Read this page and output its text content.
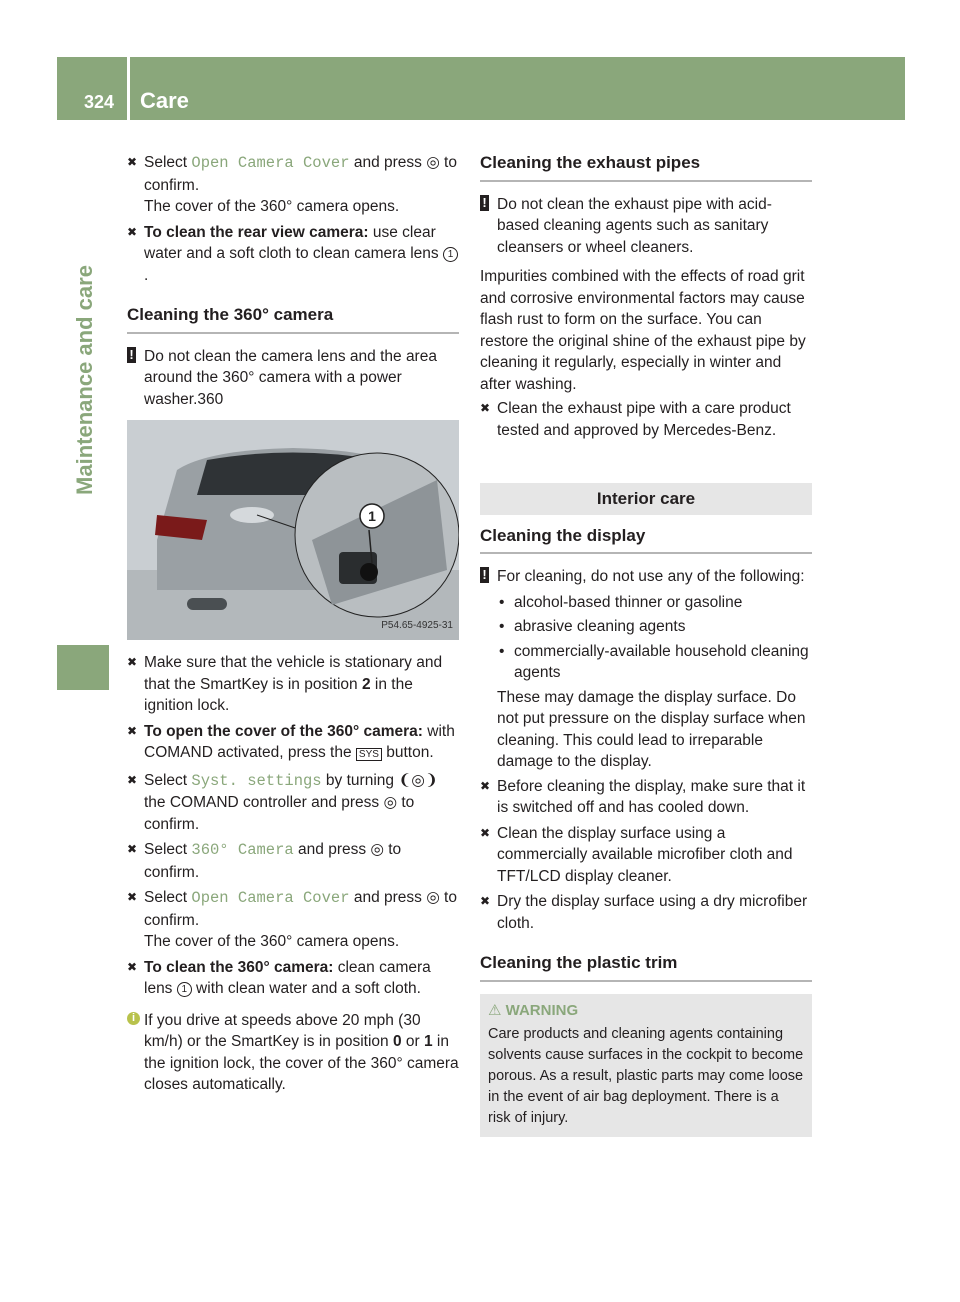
324 Care
Maintenance and care
✖ Select Open Camera Cover and press ◎ to confirm.
The cover of the 360° camera opens.
✖ To clean the rear view camera: use clear water and a soft cloth to clean camera lens 1.
Cleaning the 360° camera
! Do not clean the camera lens and the area around the 360° camera with a power washer.360
1
P54.65-4925-31
✖ Make sure that the vehicle is stationary and that the SmartKey is in position 2 in the ignition lock.
✖ To open the cover of the 360° camera: with COMAND activated, press the SYS button.
✖ Select Syst. settings by turning ❨◎❩ the COMAND controller and press ◎ to confirm.
✖ Select 360° Camera and press ◎ to confirm.
✖ Select Open Camera Cover and press ◎ to confirm.
The cover of the 360° camera opens.
✖ To clean the 360° camera: clean camera lens 1 with clean water and a soft cloth.
i If you drive at speeds above 20 mph (30 km/h) or the SmartKey is in position 0 or 1 in the ignition lock, the cover of the 360° camera closes automatically.
Cleaning the exhaust pipes
! Do not clean the exhaust pipe with acid-based cleaning agents such as sanitary cleansers or wheel cleaners.

Impurities combined with the effects of road grit and corrosive environmental factors may cause flash rust to form on the surface. You can restore the original shine of the exhaust pipe by cleaning it regularly, especially in winter and after washing.

✖ Clean the exhaust pipe with a care product tested and approved by Mercedes-Benz.
Interior care
Cleaning the display
! For cleaning, do not use any of the following:
• alcohol-based thinner or gasoline
• abrasive cleaning agents
• commercially-available household cleaning agents

These may damage the display surface. Do not put pressure on the display surface when cleaning. This could lead to irreparable damage to the display.

✖ Before cleaning the display, make sure that it is switched off and has cooled down.
✖ Clean the display surface using a commercially available microfiber cloth and TFT/LCD display cleaner.
✖ Dry the display surface using a dry microfiber cloth.
Cleaning the plastic trim
⚠ WARNING
Care products and cleaning agents containing solvents cause surfaces in the cockpit to become porous. As a result, plastic parts may come loose in the event of air bag deployment. There is a risk of injury.
